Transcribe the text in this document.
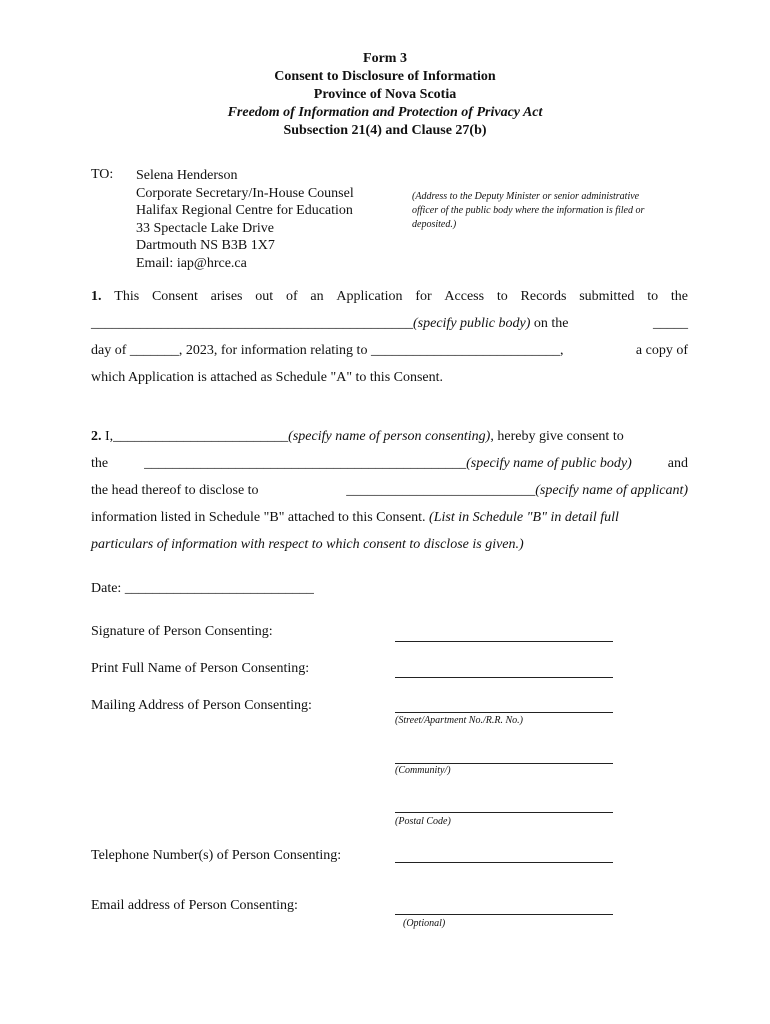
Form 3
Consent to Disclosure of Information
Province of Nova Scotia
Freedom of Information and Protection of Privacy Act
Subsection 21(4) and Clause 27(b)
TO: Selena Henderson
Corporate Secretary/In-House Counsel
Halifax Regional Centre for Education
33 Spectacle Lake Drive
Dartmouth NS B3B 1X7
Email: iap@hrce.ca
(Address to the Deputy Minister or senior administrative officer of the public body where the information is filed or deposited.)
1. This Consent arises out of an Application for Access to Records submitted to the
______________________________________________(specify public body) on the	_____
day of _______, 2023, for information relating to ___________________________,	a copy of
which Application is attached as Schedule "A" to this Consent.
2. I,_________________________(specify name of person consenting), hereby give consent to
the	______________________________________________(specify name of public body)	and
the head thereof to disclose to	___________________________(specify name of applicant)
information listed in Schedule "B" attached to this Consent. (List in Schedule "B" in detail full
particulars of information with respect to which consent to disclose is given.)
Date: ___________________________
Signature of Person Consenting:
Print Full Name of Person Consenting:
Mailing Address of Person Consenting:
(Street/Apartment No./R.R. No.)
(Community/)
(Postal Code)
Telephone Number(s) of Person Consenting:
Email address of Person Consenting:
(Optional)
